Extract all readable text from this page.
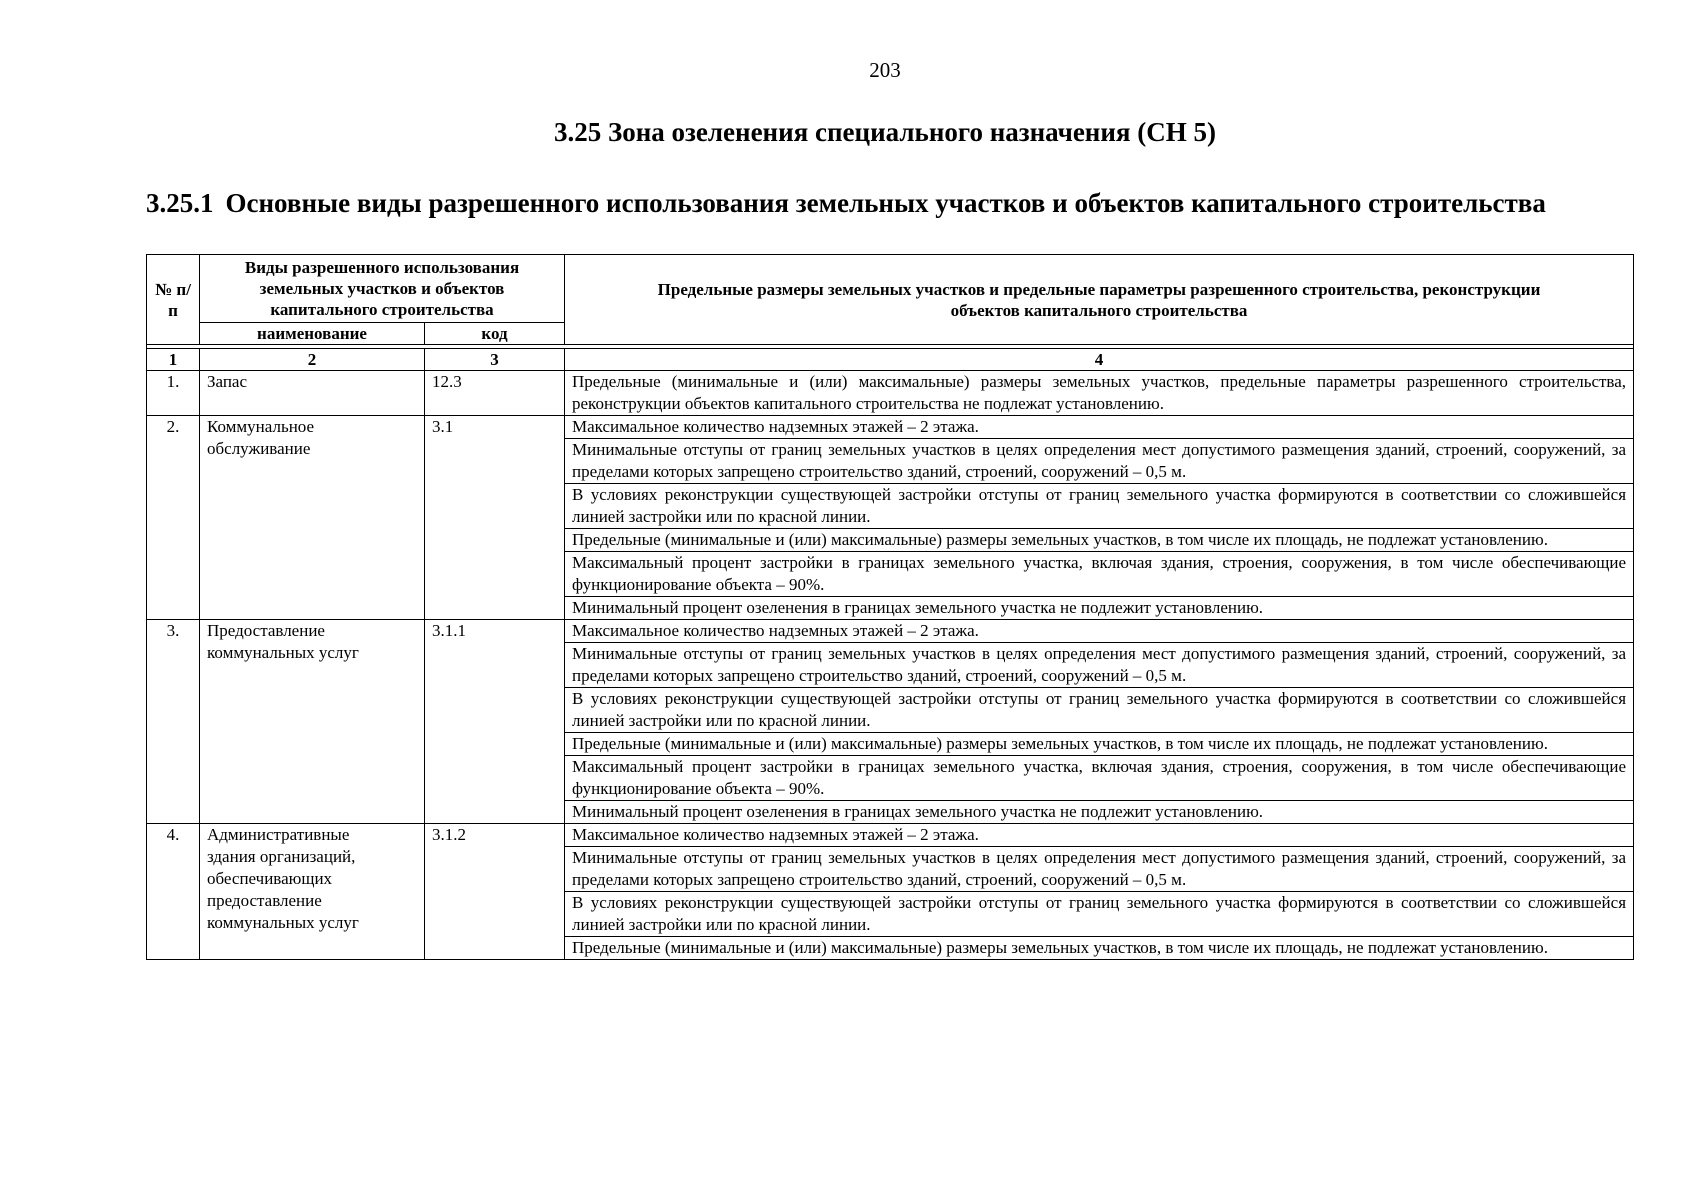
203
3.25 Зона озеленения специального назначения (СН 5)
3.25.1 Основные виды разрешенного использования земельных участков и объектов капитального строительства
№ п/п	Виды разрешенного использования земельных участков и объектов капитального строительства		Предельные размеры земельных участков и предельные параметры разрешенного строительства, реконструкции объектов капитального строительства
	наименование	код	

1	2	3	4
1.	Запас	12.3	Предельные (минимальные и (или) максимальные) размеры земельных участков, предельные параметры разрешенного строительства, реконструкции объектов капитального строительства не подлежат установлению.
2.	Коммунальное
обслуживание	3.1	Максимальное количество надземных этажей – 2 этажа.
			Минимальные отступы от границ земельных участков в целях определения мест допустимого размещения зданий, строений, сооружений, за пределами которых запрещено строительство зданий, строений, сооружений – 0,5 м.
			В условиях реконструкции существующей застройки отступы от границ земельного участка формируются в соответствии со сложившейся линией застройки или по красной линии.
			Предельные (минимальные и (или) максимальные) размеры земельных участков, в том числе их площадь, не подлежат установлению.
			Максимальный процент застройки в границах земельного участка, включая здания, строения, сооружения, в том числе обеспечивающие функционирование объекта – 90%.
			Минимальный процент озеленения в границах земельного участка не подлежит установлению.
3.	Предоставление
коммунальных услуг	3.1.1	Максимальное количество надземных этажей – 2 этажа.
			Минимальные отступы от границ земельных участков в целях определения мест допустимого размещения зданий, строений, сооружений, за пределами которых запрещено строительство зданий, строений, сооружений – 0,5 м.
			В условиях реконструкции существующей застройки отступы от границ земельного участка формируются в соответствии со сложившейся линией застройки или по красной линии.
			Предельные (минимальные и (или) максимальные) размеры земельных участков, в том числе их площадь, не подлежат установлению.
			Максимальный процент застройки в границах земельного участка, включая здания, строения, сооружения, в том числе обеспечивающие функционирование объекта – 90%.
			Минимальный процент озеленения в границах земельного участка не подлежит установлению.
4.	Административные
здания организаций,
обеспечивающих
предоставление
коммунальных услуг	3.1.2	Максимальное количество надземных этажей – 2 этажа.
			Минимальные отступы от границ земельных участков в целях определения мест допустимого размещения зданий, строений, сооружений, за пределами которых запрещено строительство зданий, строений, сооружений – 0,5 м.
			В условиях реконструкции существующей застройки отступы от границ земельного участка формируются в соответствии со сложившейся линией застройки или по красной линии.
			Предельные (минимальные и (или) максимальные) размеры земельных участков, в том числе их площадь, не подлежат установлению.
